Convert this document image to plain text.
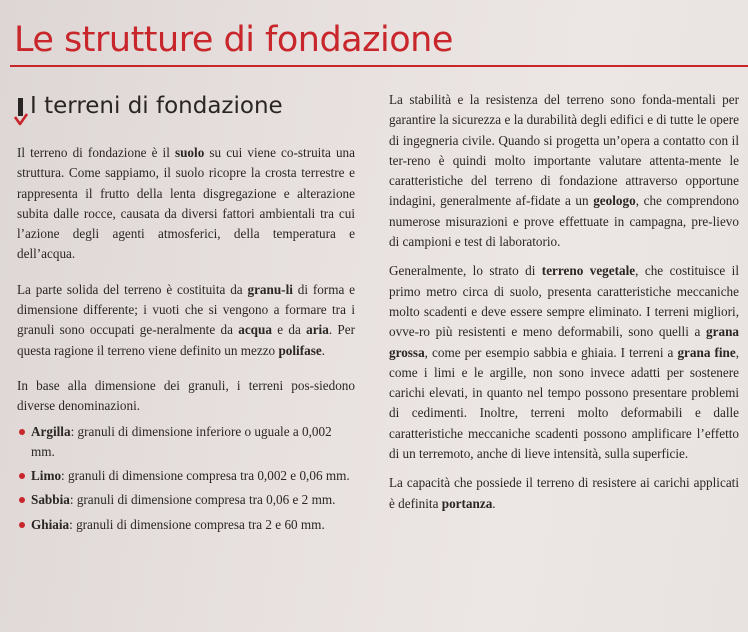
Le strutture di fondazione
I terreni di fondazione

Il terreno di fondazione è il suolo su cui viene co-struita una struttura. Come sappiamo, il suolo ricopre la crosta terrestre e rappresenta il frutto della lenta disgregazione e alterazione subita dalle rocce, causata da diversi fattori ambientali tra cui l’azione degli agenti atmosferici, della temperatura e dell’acqua.

La parte solida del terreno è costituita da granu-li di forma e dimensione differente; i vuoti che si vengono a formare tra i granuli sono occupati ge-neralmente da acqua e da aria. Per questa ragione il terreno viene definito un mezzo polifase.

In base alla dimensione dei granuli, i terreni pos-siedono diverse denominazioni.

Argilla: granuli di dimensione inferiore o uguale a 0,002 mm.
Limo: granuli di dimensione compresa tra 0,002 e 0,06 mm.
Sabbia: granuli di dimensione compresa tra 0,06 e 2 mm.
Ghiaia: granuli di dimensione compresa tra 2 e 60 mm.

La stabilità e la resistenza del terreno sono fonda-mentali per garantire la sicurezza e la durabilità degli edifici e di tutte le opere di ingegneria civile. Quando si progetta un’opera a contatto con il ter-reno è quindi molto importante valutare attenta-mente le caratteristiche del terreno di fondazione attraverso opportune indagini, generalmente af-fidate a un geologo, che comprendono numerose misurazioni e prove effettuate in campagna, pre-lievo di campioni e test di laboratorio.

Generalmente, lo strato di terreno vegetale, che costituisce il primo metro circa di suolo, presenta caratteristiche meccaniche molto scadenti e deve essere sempre eliminato. I terreni migliori, ovve-ro più resistenti e meno deformabili, sono quelli a grana grossa, come per esempio sabbia e ghiaia. I terreni a grana fine, come i limi e le argille, non sono invece adatti per sostenere carichi elevati, in quanto nel tempo possono presentare problemi di cedimenti. Inoltre, terreni molto deformabili e dalle caratteristiche meccaniche scadenti possono amplificare l’effetto di un terremoto, anche di lieve intensità, sulla superficie.

La capacità che possiede il terreno di resistere ai carichi applicati è definita portanza.
